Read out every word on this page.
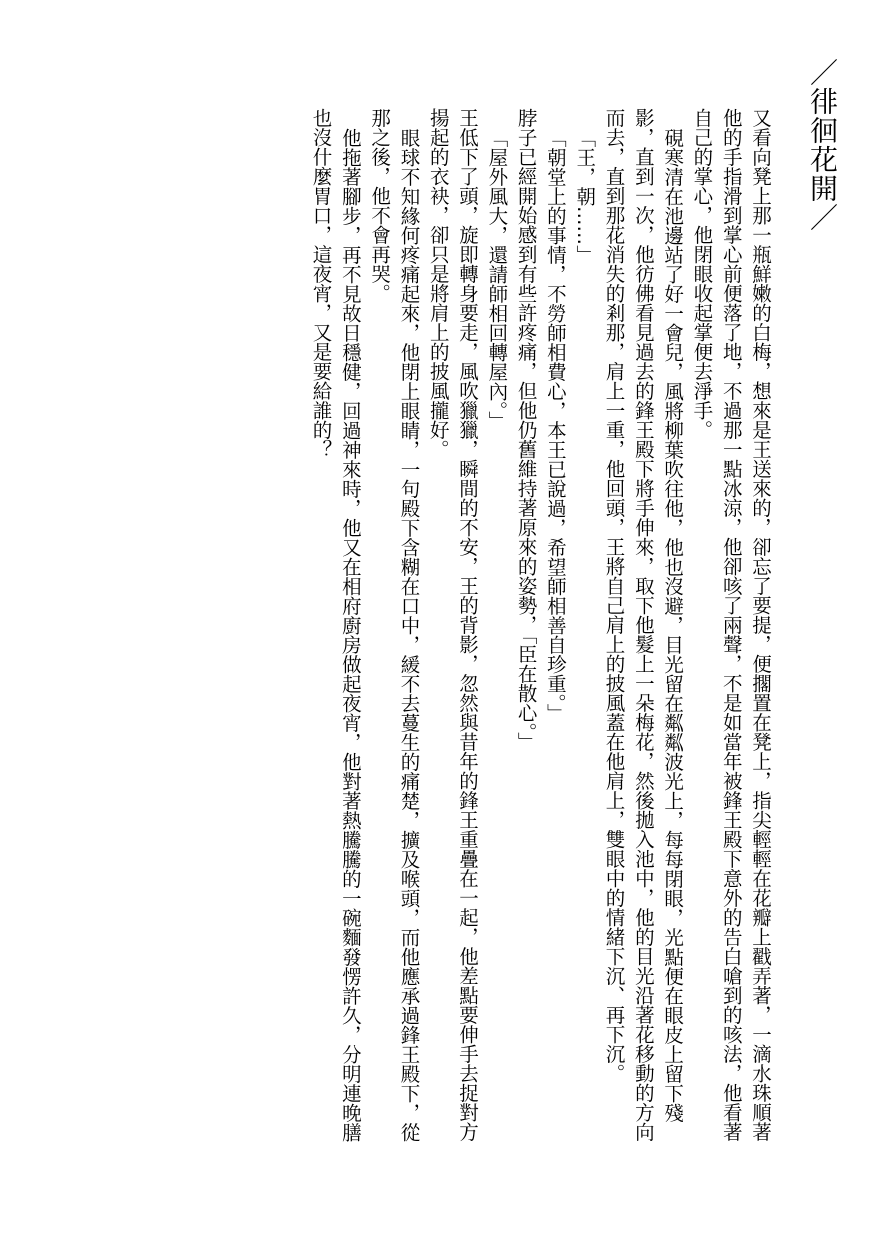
／徘徊花開／

又看向凳上那一瓶鮮嫩的白梅，想來是王送來的，卻忘了要提，便擱置在凳上，指尖輕輕在花瓣上戳弄著，一滴水珠順著他的手指滑到掌心前便落了地，不過那一點冰涼，他卻咳了兩聲，不是如當年被鋒王殿下意外的告白嗆到的咳法，他看著自己的掌心，他閉眼收起掌便去淨手。

硯寒清在池邊站了好一會兒，風將柳葉吹往他，他也沒避，目光留在粼粼波光上，每每閉眼，光點便在眼皮上留下殘影，直到一次，他彷佛看見過去的鋒王殿下將手伸來，取下他髮上一朵梅花，然後拋入池中，他的目光沿著花移動的方向而去，直到那花消失的剎那，肩上一重，他回頭，王將自己肩上的披風蓋在他肩上，雙眼中的情緒下沉、再下沉。

「王，朝……」

「朝堂上的事情，不勞師相費心，本王已說過，希望師相善自珍重。」

脖子已經開始感到有些許疼痛，但他仍舊維持著原來的姿勢，「臣在散心。」

「屋外風大，還請師相回轉屋內。」

王低下了頭，旋即轉身要走，風吹獵獵，瞬間的不安，王的背影，忽然與昔年的鋒王重疊在一起，他差點要伸手去捉對方揚起的衣袂，卻只是將肩上的披風攏好。

眼球不知緣何疼痛起來，他閉上眼睛，一句殿下含糊在口中，緩不去蔓生的痛楚，擴及喉頭，而他應承過鋒王殿下，從那之後，他不會再哭。

他拖著腳步，再不見故日穩健，回過神來時，他又在相府廚房做起夜宵，他對著熱騰騰的一碗麵發愣許久，分明連晚膳也沒什麼胃口，這夜宵，又是要給誰的？
